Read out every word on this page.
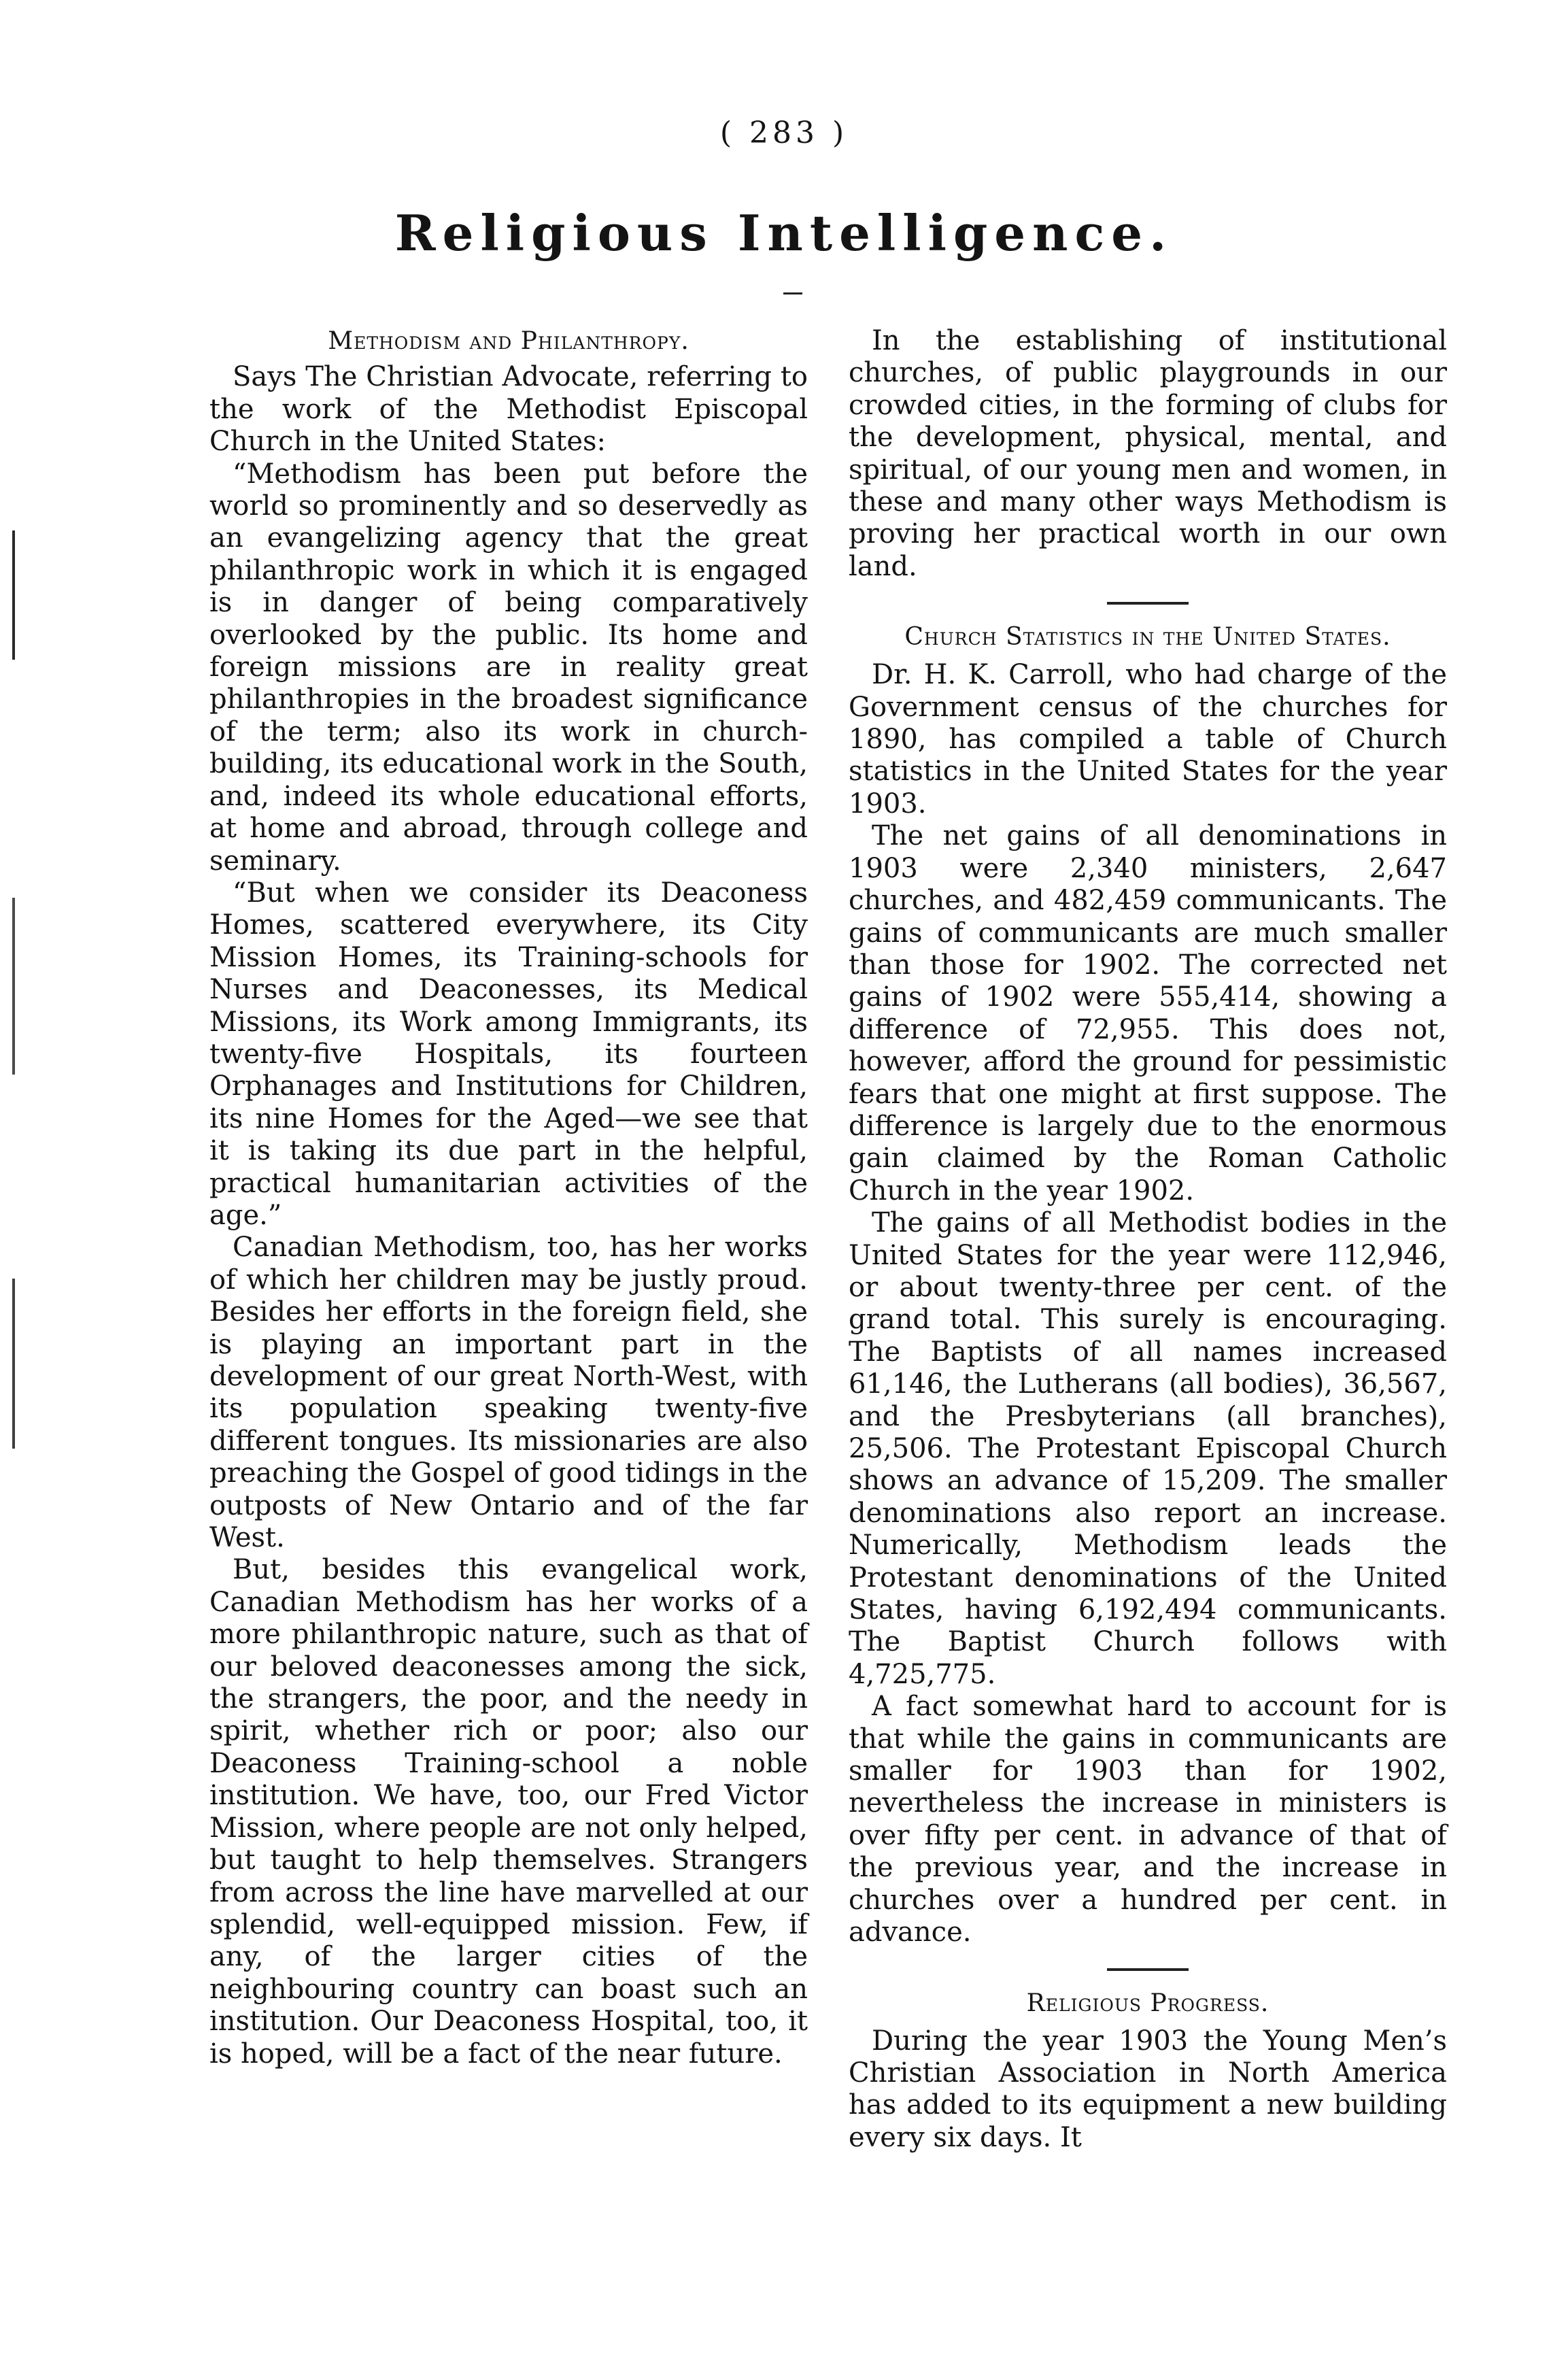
( 283 )
Religious Intelligence.
Methodism and Philanthropy.

Says The Christian Advocate, referring to the work of the Methodist Episcopal Church in the United States:

“Methodism has been put before the world so prominently and so deservedly as an evangelizing agency that the great philanthropic work in which it is engaged is in danger of being comparatively overlooked by the public. Its home and foreign missions are in reality great philanthropies in the broadest significance of the term; also its work in church-building, its educational work in the South, and, indeed its whole educational efforts, at home and abroad, through college and seminary.

“But when we consider its Deaconess Homes, scattered everywhere, its City Mission Homes, its Training-schools for Nurses and Deaconesses, its Medical Missions, its Work among Immigrants, its twenty-five Hospitals, its fourteen Orphanages and Institutions for Children, its nine Homes for the Aged—we see that it is taking its due part in the helpful, practical humanitarian activities of the age.”

Canadian Methodism, too, has her works of which her children may be justly proud. Besides her efforts in the foreign field, she is playing an important part in the development of our great North-West, with its population speaking twenty-five different tongues. Its missionaries are also preaching the Gospel of good tidings in the outposts of New Ontario and of the far West.

But, besides this evangelical work, Canadian Methodism has her works of a more philanthropic nature, such as that of our beloved deaconesses among the sick, the strangers, the poor, and the needy in spirit, whether rich or poor; also our Deaconess Training-school a noble institution. We have, too, our Fred Victor Mission, where people are not only helped, but taught to help themselves. Strangers from across the line have marvelled at our splendid, well-equipped mission. Few, if any, of the larger cities of the neighbouring country can boast such an institution. Our Deaconess Hospital, too, it is hoped, will be a fact of the near future.

In the establishing of institutional churches, of public playgrounds in our crowded cities, in the forming of clubs for the development, physical, mental, and spiritual, of our young men and women, in these and many other ways Methodism is proving her practical worth in our own land.

Church Statistics in the United States.

Dr. H. K. Carroll, who had charge of the Government census of the churches for 1890, has compiled a table of Church statistics in the United States for the year 1903.

The net gains of all denominations in 1903 were 2,340 ministers, 2,647 churches, and 482,459 communicants. The gains of communicants are much smaller than those for 1902. The corrected net gains of 1902 were 555,414, showing a difference of 72,955. This does not, however, afford the ground for pessimistic fears that one might at first suppose. The difference is largely due to the enormous gain claimed by the Roman Catholic Church in the year 1902.

The gains of all Methodist bodies in the United States for the year were 112,946, or about twenty-three per cent. of the grand total. This surely is encouraging. The Baptists of all names increased 61,146, the Lutherans (all bodies), 36,567, and the Presbyterians (all branches), 25,506. The Protestant Episcopal Church shows an advance of 15,209. The smaller denominations also report an increase. Numerically, Methodism leads the Protestant denominations of the United States, having 6,192,494 communicants. The Baptist Church follows with 4,725,775.

A fact somewhat hard to account for is that while the gains in communicants are smaller for 1903 than for 1902, nevertheless the increase in ministers is over fifty per cent. in advance of that of the previous year, and the increase in churches over a hundred per cent. in advance.

Religious Progress.

During the year 1903 the Young Men’s Christian Association in North America has added to its equipment a new building every six days. It
